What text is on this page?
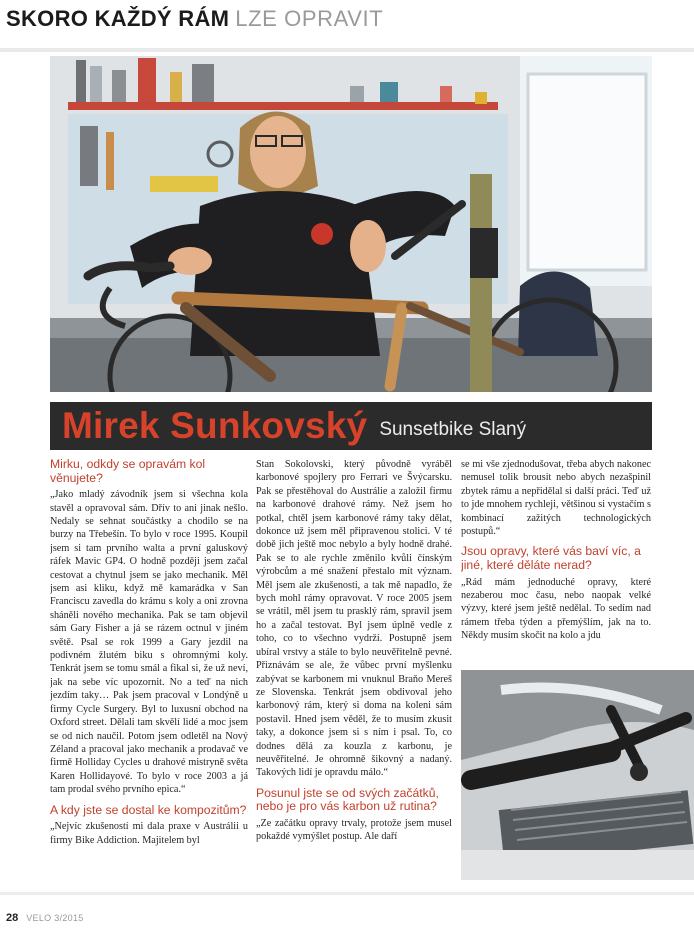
SKORO KAŽDÝ RÁM LZE OPRAVIT
Mirek Sunkovský Sunsetbike Slaný
Mirku, odkdy se opravám kol věnujete?

„Jako mladý závodník jsem si všechna kola stavěl a opravoval sám. Dřív to ani jinak nešlo. Nedaly se sehnat součástky a chodilo se na burzy na Třebešín. To bylo v roce 1995. Koupil jsem si tam prvního walta a první galuskový ráfek Mavic GP4. O hodně později jsem začal cestovat a chytnul jsem se jako mechanik. Měl jsem asi kliku, když mě kamarádka v San Franciscu zavedla do krámu s koly a oni zrovna sháněli nového mechanika. Pak se tam objevil sám Gary Fisher a já se rázem octnul v jiném světě. Psal se rok 1999 a Gary jezdil na podivném žlutém biku s ohromnými koly. Tenkrát jsem se tomu smál a fikal si, že už neví, jak na sebe víc upozornit. No a teď na nich jezdím taky… Pak jsem pracoval v Londýně u firmy Cycle Surgery. Byl to luxusní obchod na Oxford street. Dělali tam skvělí lidé a moc jsem se od nich naučil. Potom jsem odletěl na Nový Zéland a pracoval jako mechanik a prodavač ve firmě Holliday Cycles u drahové mistryně světa Karen Hollidayové. To bylo v roce 2003 a já tam prodal svého prvního epica.“

A kdy jste se dostal ke kompozitům?

„Nejvíc zkušeností mi dala praxe v Austrálii u firmy Bike Addiction. Majitelem byl

Stan Sokolovski, který původně vyráběl karbonové spojlery pro Ferrari ve Švýcarsku. Pak se přestěhoval do Austrálie a založil firmu na karbonové drahové rámy. Než jsem ho potkal, chtěl jsem karbonové rámy taky dělat, dokonce už jsem měl připravenou stolici. V té době jich ještě moc nebylo a byly hodně drahé. Pak se to ale rychle změnilo kvůli čínským výrobcům a mé snažení přestalo mít význam. Měl jsem ale zkušenosti, a tak mě napadlo, že bych mohl rámy opravovat. V roce 2005 jsem se vrátil, měl jsem tu prasklý rám, spravil jsem ho a začal testovat. Byl jsem úplně vedle z toho, co to všechno vydrží. Postupně jsem ubíral vrstvy a stále to bylo neuvěřitelně pevné. Přiznávám se ale, že vůbec první myšlenku zabývat se karbonem mi vnuknul Braňo Mereš ze Slovenska. Tenkrát jsem obdivoval jeho karbonový rám, který si doma na koleni sám postavil. Hned jsem věděl, že to musím zkusit taky, a dokonce jsem si s ním i psal. To, co dodnes dělá za kouzla z karbonu, je neuvěřitelné. Je ohromně šikovný a nadaný. Takových lidí je opravdu málo.“

Posunul jste se od svých začátků, nebo je pro vás karbon už rutina?

„Ze začátku opravy trvaly, protože jsem musel pokaždé vymýšlet postup. Ale daří

se mi vše zjednodušovat, třeba abych nakonec nemusel tolik brousit nebo abych nezašpinil zbytek rámu a nepřidělal si další práci. Teď už to jde mnohem rychleji, většinou si vystačím s kombinací zažitých technologických postupů.“

Jsou opravy, které vás baví víc, a jiné, které děláte nerad?

„Rád mám jednoduché opravy, které nezaberou moc času, nebo naopak velké výzvy, které jsem ještě nedělal. To sedím nad rámem třeba týden a přemýšlím, jak na to. Někdy musím skočit na kolo a jdu

28 VELO 3/2015
